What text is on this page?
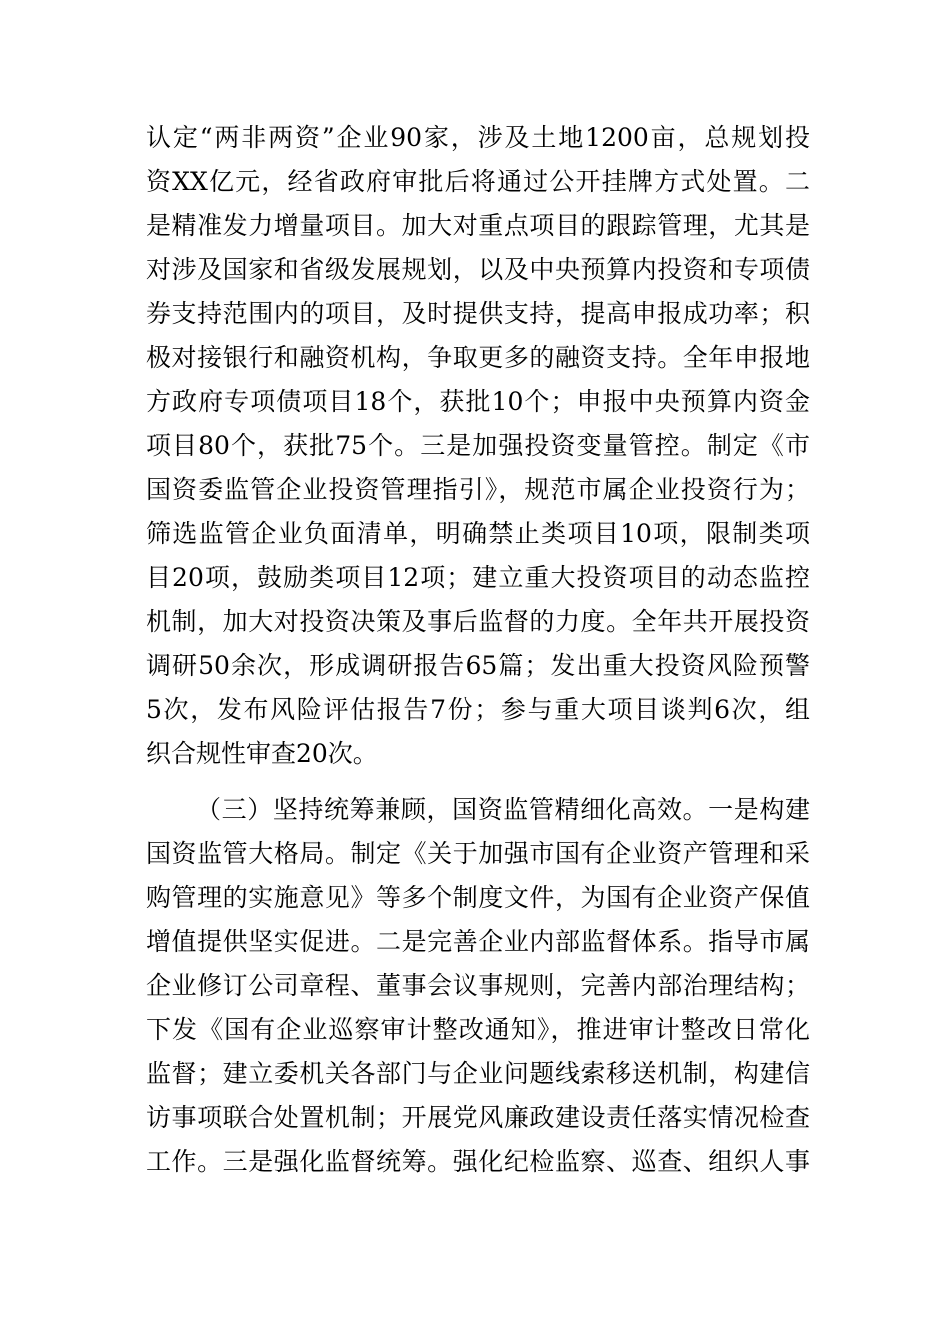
认定“两非两资”企业90家，涉及土地1200亩，总规划投
资XX亿元，经省政府审批后将通过公开挂牌方式处置。二
是精准发力增量项目。加大对重点项目的跟踪管理，尤其是
对涉及国家和省级发展规划，以及中央预算内投资和专项债
券支持范围内的项目，及时提供支持，提高申报成功率；积
极对接银行和融资机构，争取更多的融资支持。全年申报地
方政府专项债项目18个，获批10个；申报中央预算内资金
项目80个，获批75个。三是加强投资变量管控。制定《市
国资委监管企业投资管理指引》，规范市属企业投资行为；
筛选监管企业负面清单，明确禁止类项目10项，限制类项
目20项，鼓励类项目12项；建立重大投资项目的动态监控
机制，加大对投资决策及事后监督的力度。全年共开展投资
调研50余次，形成调研报告65篇；发出重大投资风险预警
5次，发布风险评估报告7份；参与重大项目谈判6次，组
织合规性审查20次。
（三）坚持统筹兼顾，国资监管精细化高效。一是构建
国资监管大格局。制定《关于加强市国有企业资产管理和采
购管理的实施意见》等多个制度文件，为国有企业资产保值
增值提供坚实促进。二是完善企业内部监督体系。指导市属
企业修订公司章程、董事会议事规则，完善内部治理结构；
下发《国有企业巡察审计整改通知》，推进审计整改日常化
监督；建立委机关各部门与企业问题线索移送机制，构建信
访事项联合处置机制；开展党风廉政建设责任落实情况检查
工作。三是强化监督统筹。强化纪检监察、巡查、组织人事
